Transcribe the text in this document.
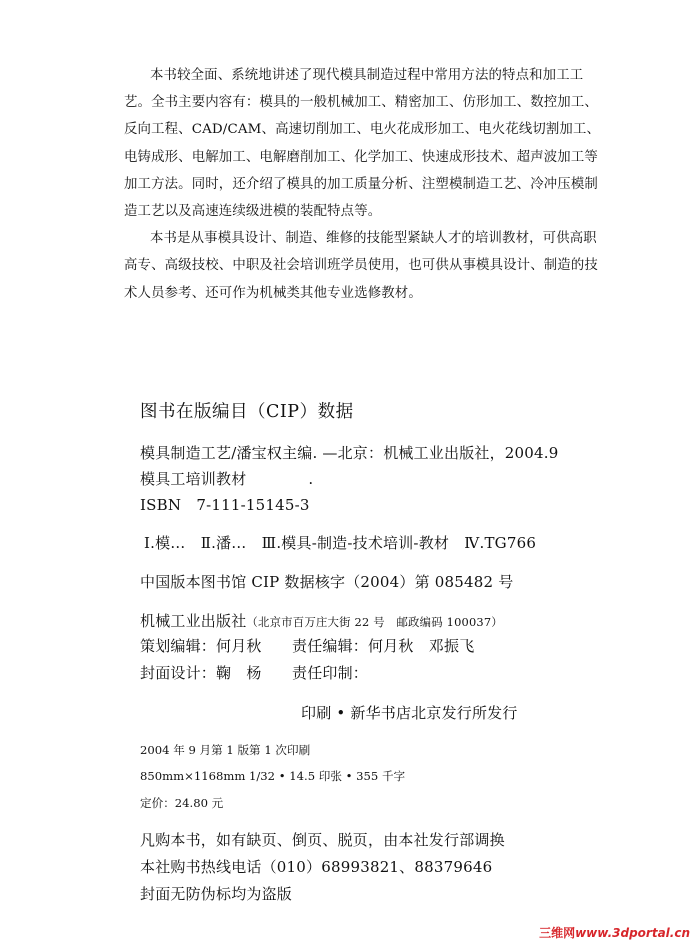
本书较全面、系统地讲述了现代模具制造过程中常用方法的特点和加工工
艺。全书主要内容有：模具的一般机械加工、精密加工、仿形加工、数控加工、
反向工程、CAD/CAM、高速切削加工、电火花成形加工、电火花线切割加工、
电铸成形、电解加工、电解磨削加工、化学加工、快速成形技术、超声波加工等
加工方法。同时，还介绍了模具的加工质量分析、注塑模制造工艺、冷冲压模制
造工艺以及高速连续级进模的装配特点等。
本书是从事模具设计、制造、维修的技能型紧缺人才的培训教材，可供高职
高专、高级技校、中职及社会培训班学员使用，也可供从事模具设计、制造的技
术人员参考、还可作为机械类其他专业选修教材。
图书在版编目（CIP）数据
模具制造工艺/潘宝权主编. —北京：机械工业出版社，2004.9
模具工培训教材	.
ISBN　7-111-15145-3
Ⅰ.模…　Ⅱ.潘…　Ⅲ.模具-制造-技术培训-教材　Ⅳ.TG766
中国版本图书馆 CIP 数据核字（2004）第 085482 号
机械工业出版社（北京市百万庄大街 22 号　邮政编码 100037）
策划编辑：何月秋　　责任编辑：何月秋　邓振飞
封面设计：鞠　杨　　责任印制：
印刷 • 新华书店北京发行所发行
2004 年 9 月第 1 版第 1 次印刷
850mm×1168mm 1/32 • 14.5 印张 • 355 千字
定价：24.80 元
凡购本书，如有缺页、倒页、脱页，由本社发行部调换
本社购书热线电话（010）68993821、88379646
封面无防伪标均为盗版
三维网www.3dportal.cn
